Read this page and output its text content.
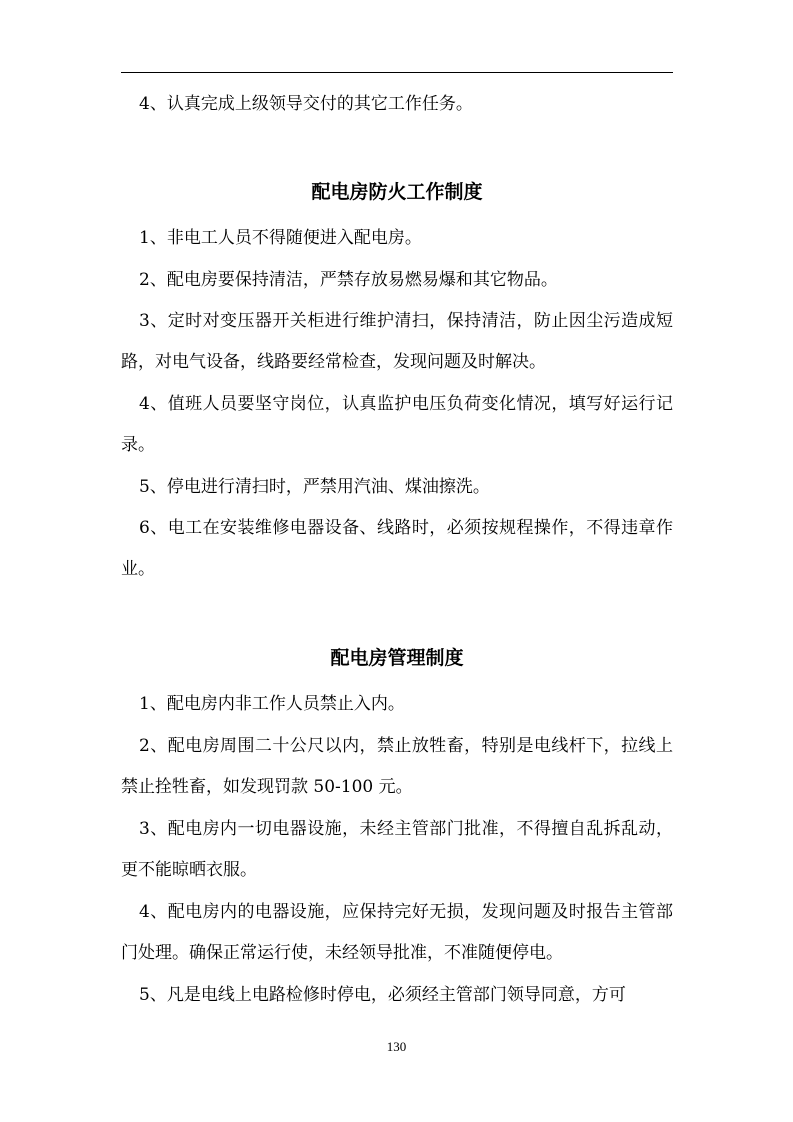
4、认真完成上级领导交付的其它工作任务。
配电房防火工作制度
1、非电工人员不得随便进入配电房。
2、配电房要保持清洁，严禁存放易燃易爆和其它物品。
3、定时对变压器开关柜进行维护清扫，保持清洁，防止因尘污造成短路，对电气设备，线路要经常检查，发现问题及时解决。
4、值班人员要坚守岗位，认真监护电压负荷变化情况，填写好运行记录。
5、停电进行清扫时，严禁用汽油、煤油擦洗。
6、电工在安装维修电器设备、线路时，必须按规程操作，不得违章作业。
配电房管理制度
1、配电房内非工作人员禁止入内。
2、配电房周围二十公尺以内，禁止放牲畜，特别是电线杆下，拉线上禁止拴牲畜，如发现罚款 50-100 元。
3、配电房内一切电器设施，未经主管部门批准，不得擅自乱拆乱动，更不能晾晒衣服。
4、配电房内的电器设施，应保持完好无损，发现问题及时报告主管部门处理。确保正常运行使，未经领导批准，不准随便停电。
5、凡是电线上电路检修时停电，必须经主管部门领导同意，方可
130
